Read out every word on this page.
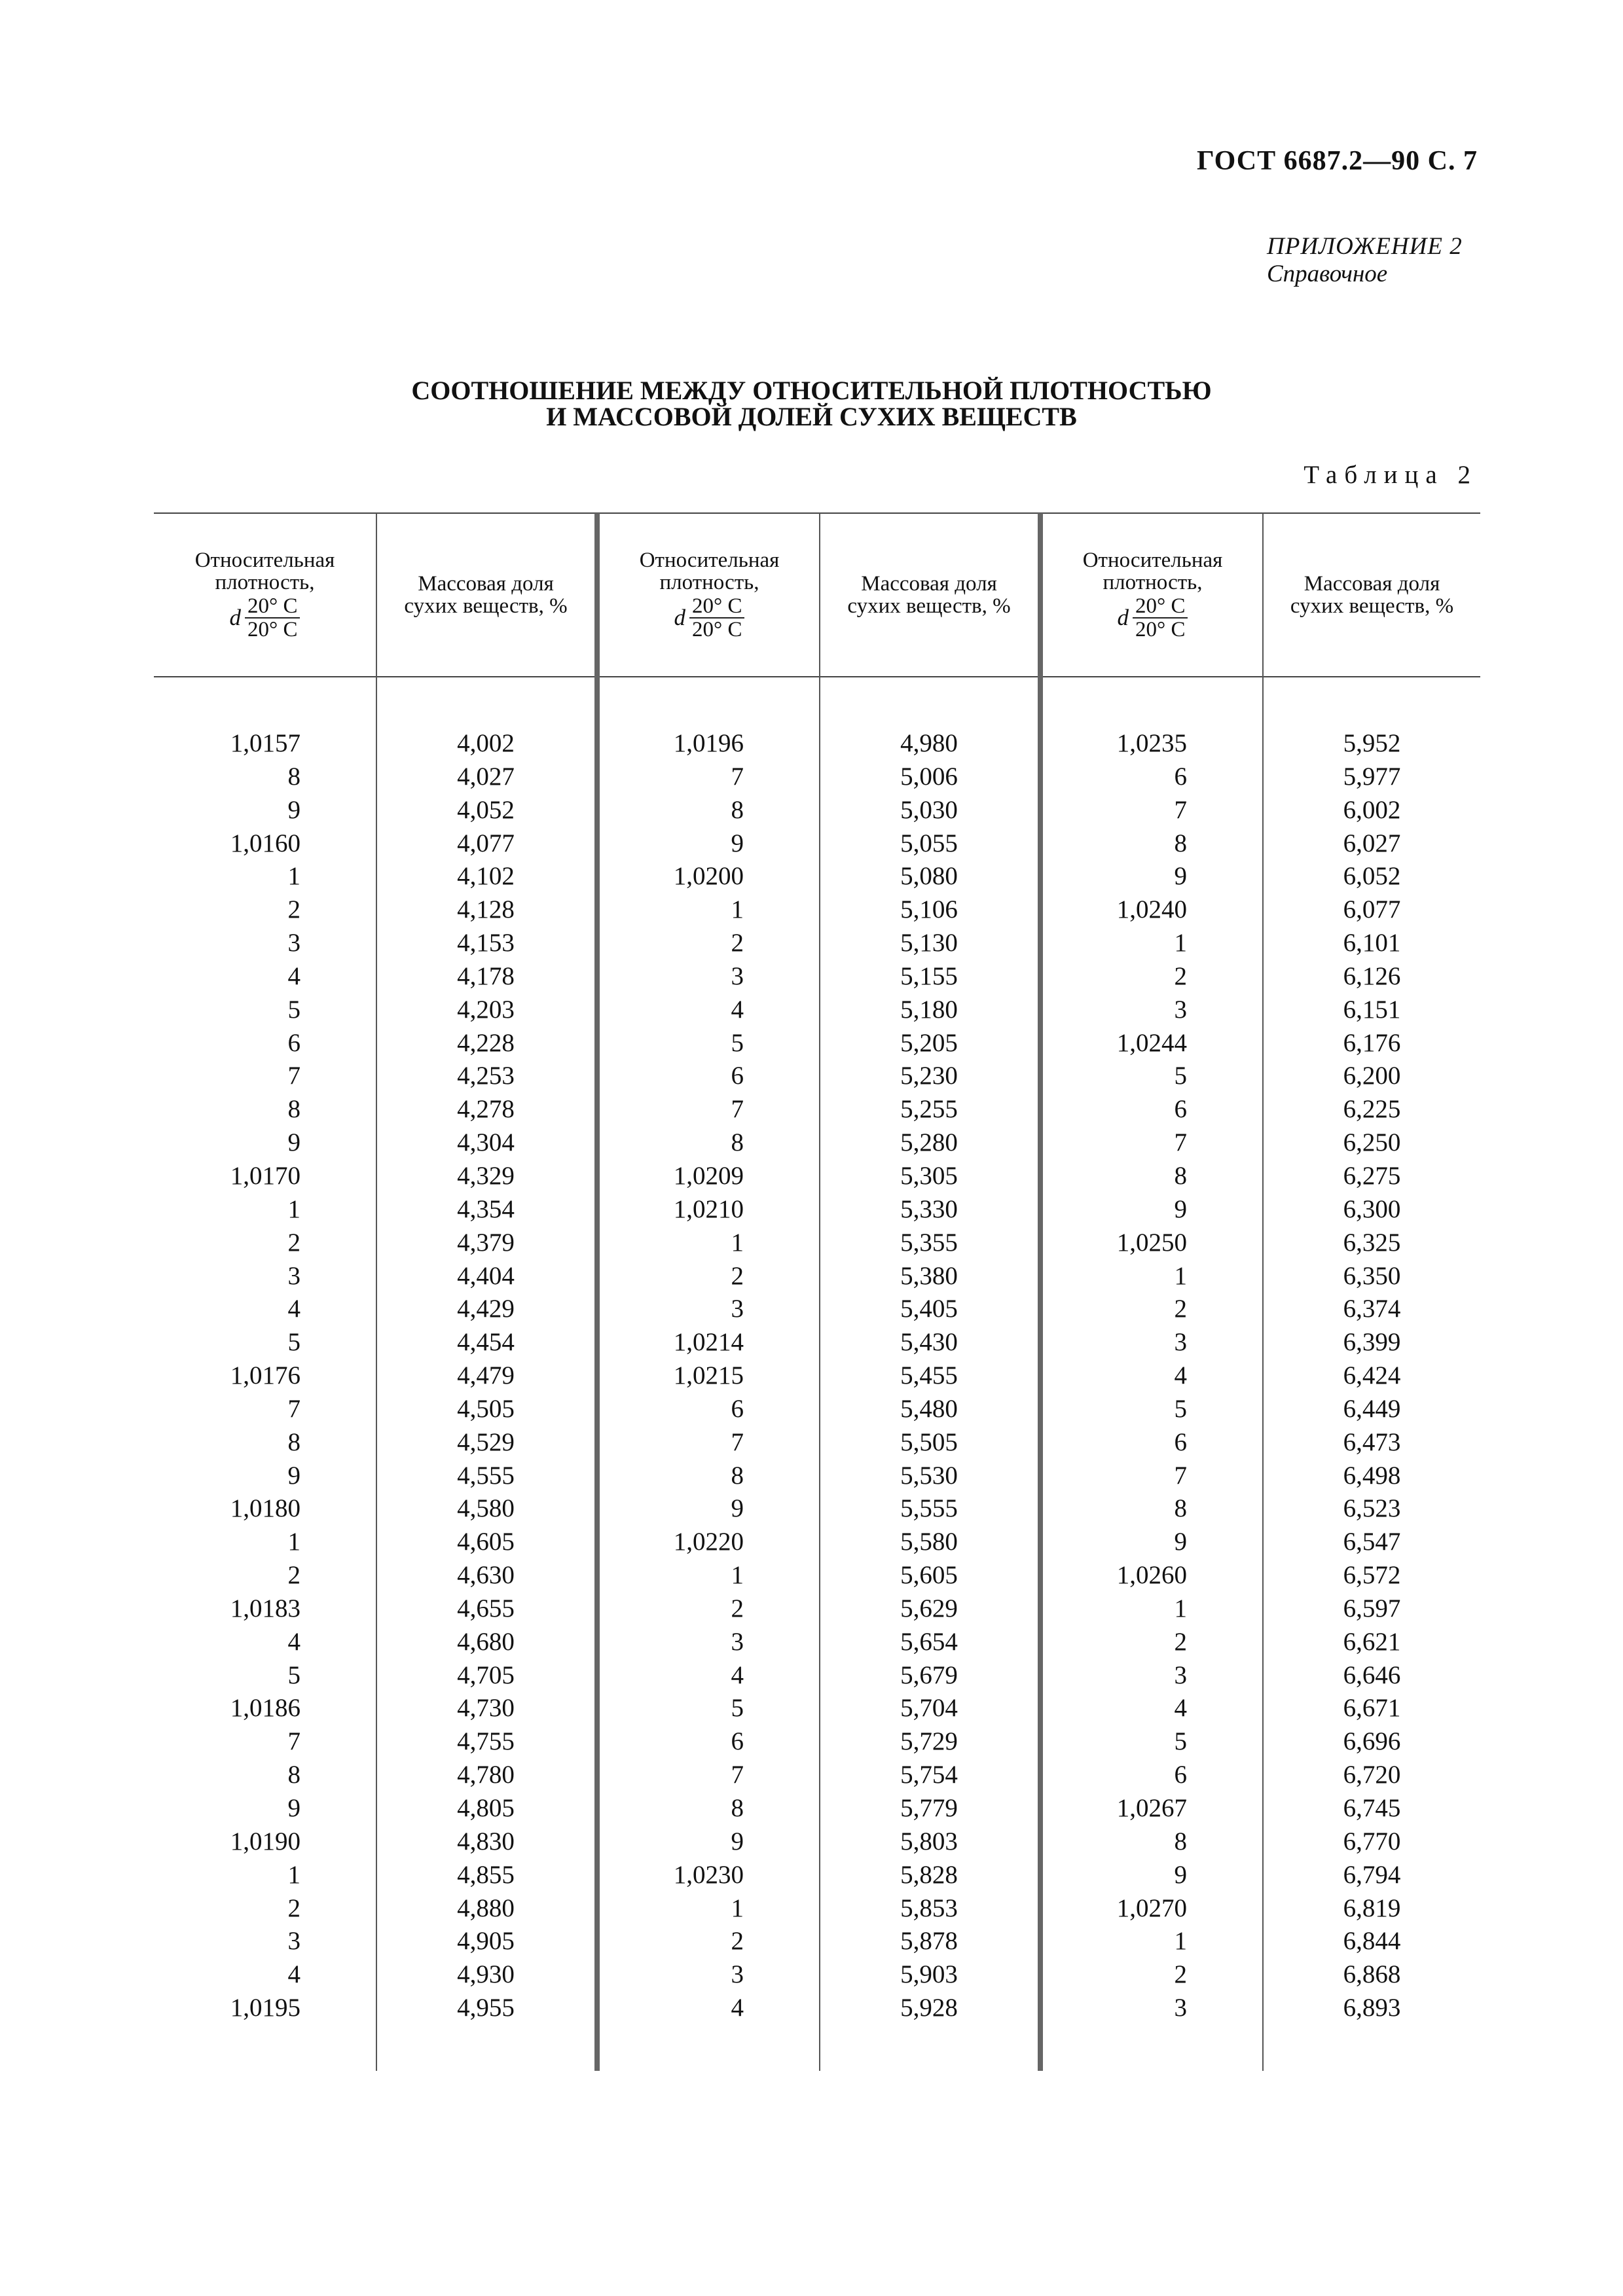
ГОСТ 6687.2—90 С. 7
ПРИЛОЖЕНИЕ 2
Справочное
СООТНОШЕНИЕ МЕЖДУ ОТНОСИТЕЛЬНОЙ ПЛОТНОСТЬЮ
И МАССОВОЙ ДОЛЕЙ СУХИХ ВЕЩЕСТВ
Таблица 2
Относительная
плотность,
d $\frac{20^\circ С}{20^\circ С}$
Массовая доля
сухих веществ, %
Относительная
плотность,
d $\frac{20^\circ С}{20^\circ С}$
Массовая доля
сухих веществ, %
Относительная
плотность,
d $\frac{20^\circ С}{20^\circ С}$
Массовая доля
сухих веществ, %
1,0157
8
9
1,0160
1
2
3
4
5
6
7
8
9
1,0170
1
2
3
4
5
1,0176
7
8
9
1,0180
1
2
1,0183
4
5
1,0186
7
8
9
1,0190
1
2
3
4
1,0195
4,002
4,027
4,052
4,077
4,102
4,128
4,153
4,178
4,203
4,228
4,253
4,278
4,304
4,329
4,354
4,379
4,404
4,429
4,454
4,479
4,505
4,529
4,555
4,580
4,605
4,630
4,655
4,680
4,705
4,730
4,755
4,780
4,805
4,830
4,855
4,880
4,905
4,930
4,955
1,0196
7
8
9
1,0200
1
2
3
4
5
6
7
8
1,0209
1,0210
1
2
3
1,0214
1,0215
6
7
8
9
1,0220
1
2
3
4
5
6
7
8
9
1,0230
1
2
3
4
4,980
5,006
5,030
5,055
5,080
5,106
5,130
5,155
5,180
5,205
5,230
5,255
5,280
5,305
5,330
5,355
5,380
5,405
5,430
5,455
5,480
5,505
5,530
5,555
5,580
5,605
5,629
5,654
5,679
5,704
5,729
5,754
5,779
5,803
5,828
5,853
5,878
5,903
5,928
1,0235
6
7
8
9
1,0240
1
2
3
1,0244
5
6
7
8
9
1,0250
1
2
3
4
5
6
7
8
9
1,0260
1
2
3
4
5
6
1,0267
8
9
1,0270
1
2
3
5,952
5,977
6,002
6,027
6,052
6,077
6,101
6,126
6,151
6,176
6,200
6,225
6,250
6,275
6,300
6,325
6,350
6,374
6,399
6,424
6,449
6,473
6,498
6,523
6,547
6,572
6,597
6,621
6,646
6,671
6,696
6,720
6,745
6,770
6,794
6,819
6,844
6,868
6,893
